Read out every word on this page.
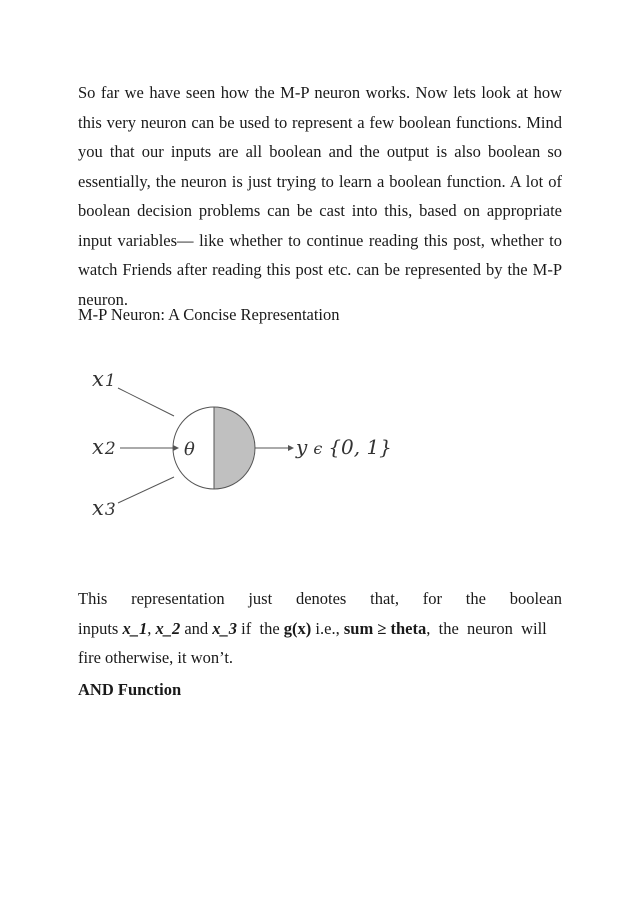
So far we have seen how the M-P neuron works. Now lets look at how this very neuron can be used to represent a few boolean functions. Mind you that our inputs are all boolean and the output is also boolean so essentially, the neuron is just trying to learn a boolean function. A lot of boolean decision problems can be cast into this, based on appropriate input variables— like whether to continue reading this post, whether to watch Friends after reading this post etc. can be represented by the M-P neuron.

M-P Neuron: A Concise Representation

x1
x2
x3
θ	y ϵ {0, 1}
This representation just denotes that, for the boolean
inputs x_1, x_2 and x_3 if  the g(x) i.e., sum ≥ theta,  the  neuron  will
fire otherwise, it won’t.

AND Function
